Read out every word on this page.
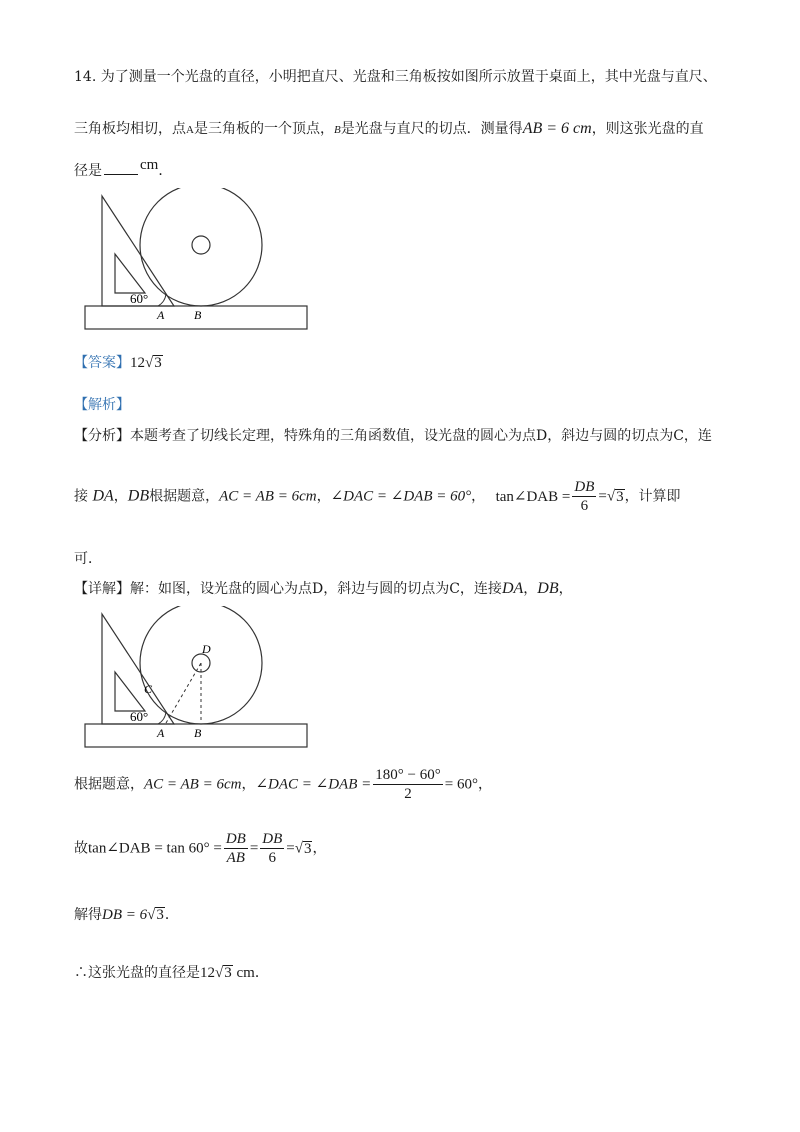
14. 为了测量一个光盘的直径，小明把直尺、光盘和三角板按如图所示放置于桌面上，其中光盘与直尺、
三角板均相切，点A是三角板的一个顶点，B是光盘与直尺的切点．测量得AB = 6 cm，则这张光盘的直
径是	cm．
60°
A B
【答案】12√3
【解析】
【分析】本题考查了切线长定理，特殊角的三角函数值，设光盘的圆心为点D，斜边与圆的切点为C，连
接 DA，DB根据题意，AC = AB = 6cm，∠DAC = ∠DAB = 60°， tan∠DAB = $\frac{DB}{6} =√3$，计算即
可．
【详解】解：如图，设光盘的圆心为点D，斜边与圆的切点为C，连接DA，DB，
60°
A B
C
D
根据题意，AC = AB = 6cm，∠DAC = ∠DAB = $\frac{180^\circ - 60^\circ}{2} = 60^\circ$，
故tan∠DAB = $\tan 60^\circ = \frac{DB}{AB} = \frac{DB}{6} =√3$，
解得DB = 6√3．
∴这张光盘的直径是12√3 cm．
